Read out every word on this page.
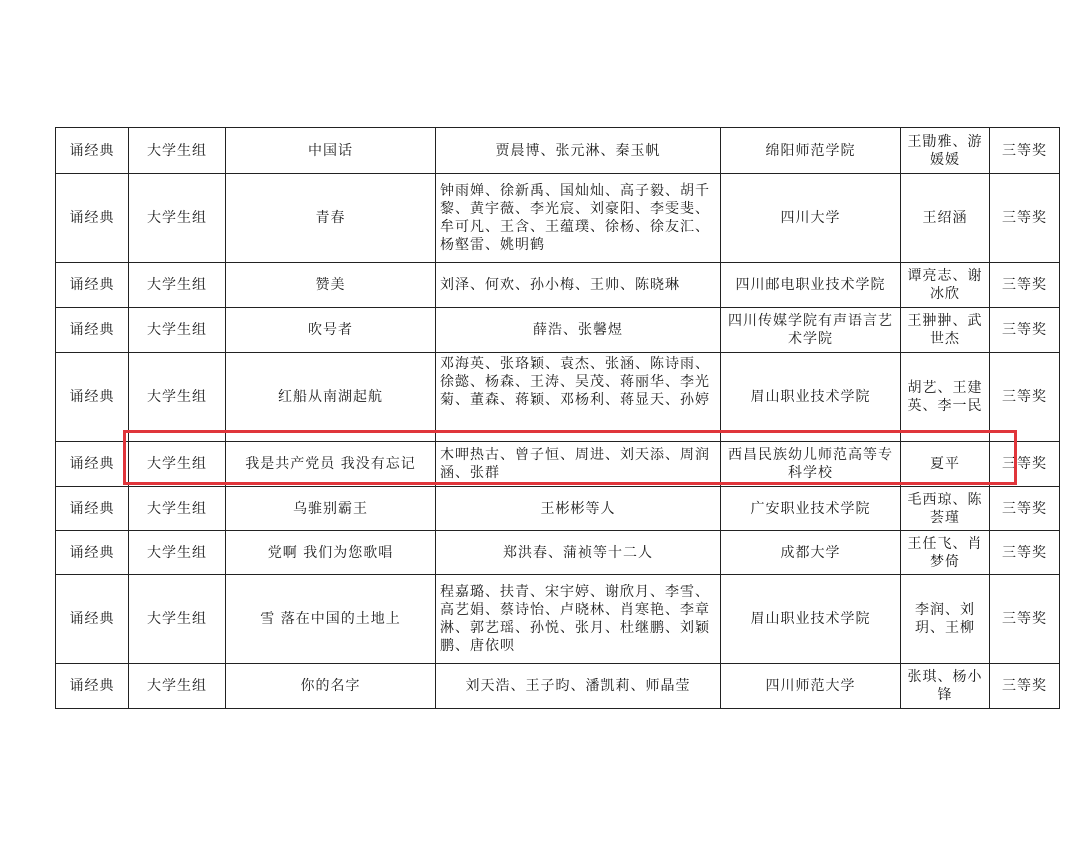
诵经典	大学生组	中国话	贾晨博、张元淋、秦玉帆	绵阳师范学院	王勖雅、游媛媛	三等奖
诵经典	大学生组	青春	钟雨婵、徐新禹、国灿灿、高子毅、胡千黎、黄宇薇、李光宸、刘豪阳、李雯斐、牟可凡、王含、王蕴璞、徐杨、徐友汇、杨壑雷、姚明鹤	四川大学	王绍涵	三等奖
诵经典	大学生组	赞美	刘泽、何欢、孙小梅、王帅、陈晓琳	四川邮电职业技术学院	谭亮志、谢冰欣	三等奖
诵经典	大学生组	吹号者	薛浩、张馨煜	四川传媒学院有声语言艺术学院	王翀翀、武世杰	三等奖
诵经典	大学生组	红船从南湖起航	邓海英、张珞颖、袁杰、张涵、陈诗雨、徐懿、杨森、王涛、吴茂、蒋丽华、李光菊、董森、蒋颖、邓杨利、蒋显天、孙婷	眉山职业技术学院	胡艺、王建英、李一民	三等奖
诵经典	大学生组	我是共产党员 我没有忘记	木呷热古、曾子恒、周进、刘天添、周润涵、张群	西昌民族幼儿师范高等专科学校	夏平	三等奖
诵经典	大学生组	乌骓别霸王	王彬彬等人	广安职业技术学院	毛西琼、陈荟瑾	三等奖
诵经典	大学生组	党啊 我们为您歌唱	郑洪春、蒲祯等十二人	成都大学	王任飞、肖梦倚	三等奖
诵经典	大学生组	雪 落在中国的土地上	程嘉璐、扶青、宋宇婷、谢欣月、李雪、高艺娟、蔡诗怡、卢晓林、肖寒艳、李章淋、郭艺瑶、孙悦、张月、杜继鹏、刘颖鹏、唐依呗	眉山职业技术学院	李润、刘玥、王柳	三等奖
诵经典	大学生组	你的名字	刘天浩、王子昀、潘凯莉、师晶莹	四川师范大学	张琪、杨小锋	三等奖
